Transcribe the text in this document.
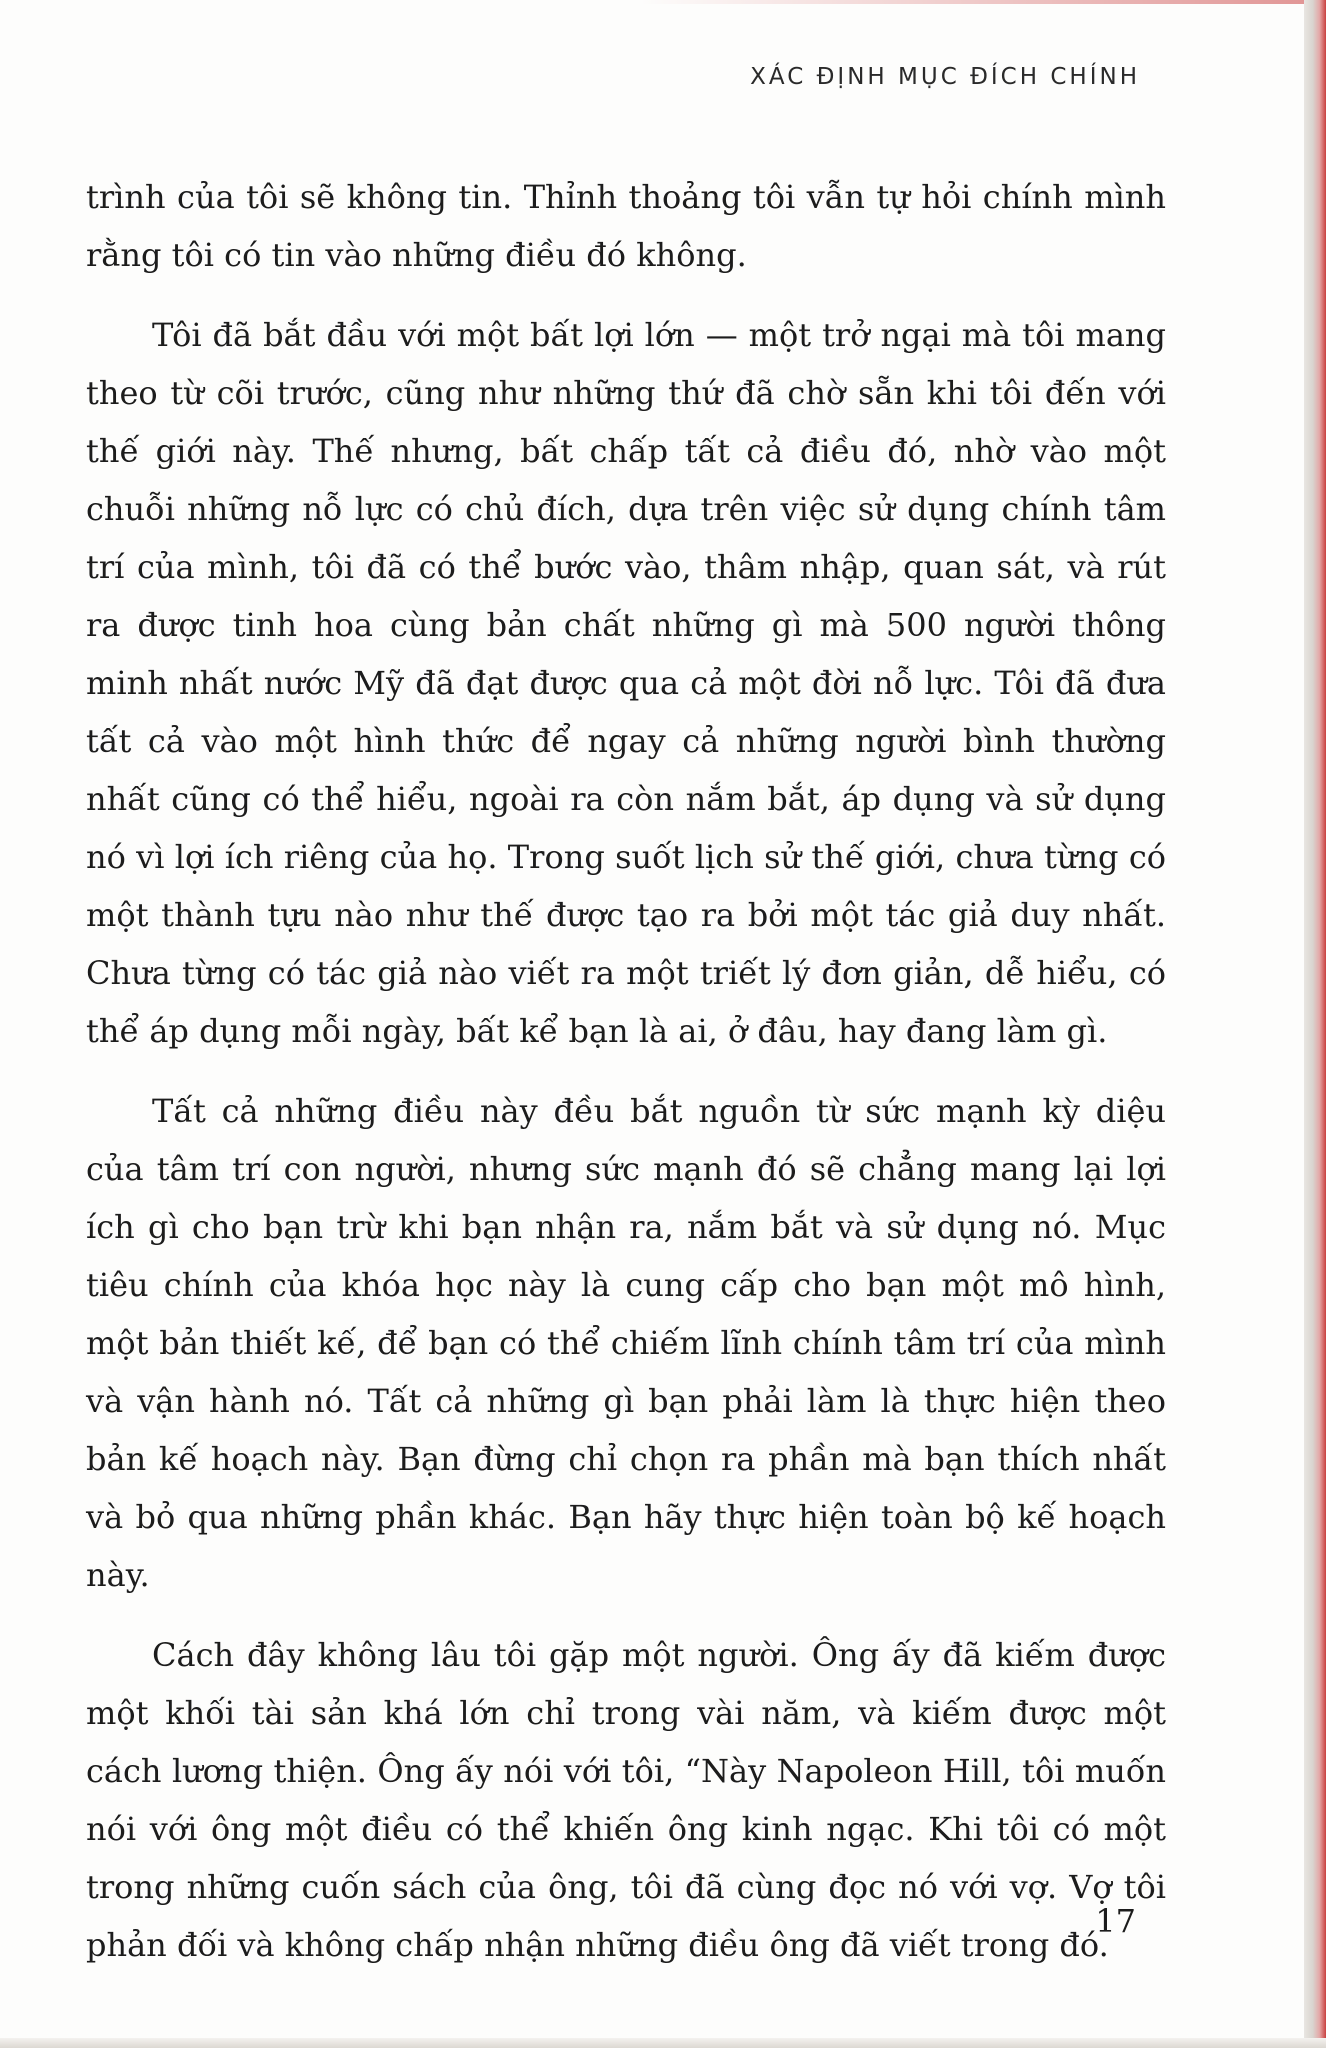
XÁC ĐỊNH MỤC ĐÍCH CHÍNH

trình của tôi sẽ không tin. Thỉnh thoảng tôi vẫn tự hỏi chính mình rằng tôi có tin vào những điều đó không.

Tôi đã bắt đầu với một bất lợi lớn — một trở ngại mà tôi mang theo từ cõi trước, cũng như những thứ đã chờ sẵn khi tôi đến với thế giới này. Thế nhưng, bất chấp tất cả điều đó, nhờ vào một chuỗi những nỗ lực có chủ đích, dựa trên việc sử dụng chính tâm trí của mình, tôi đã có thể bước vào, thâm nhập, quan sát, và rút ra được tinh hoa cùng bản chất những gì mà 500 người thông minh nhất nước Mỹ đã đạt được qua cả một đời nỗ lực. Tôi đã đưa tất cả vào một hình thức để ngay cả những người bình thường nhất cũng có thể hiểu, ngoài ra còn nắm bắt, áp dụng và sử dụng nó vì lợi ích riêng của họ. Trong suốt lịch sử thế giới, chưa từng có một thành tựu nào như thế được tạo ra bởi một tác giả duy nhất. Chưa từng có tác giả nào viết ra một triết lý đơn giản, dễ hiểu, có thể áp dụng mỗi ngày, bất kể bạn là ai, ở đâu, hay đang làm gì.

Tất cả những điều này đều bắt nguồn từ sức mạnh kỳ diệu của tâm trí con người, nhưng sức mạnh đó sẽ chẳng mang lại lợi ích gì cho bạn trừ khi bạn nhận ra, nắm bắt và sử dụng nó. Mục tiêu chính của khóa học này là cung cấp cho bạn một mô hình, một bản thiết kế, để bạn có thể chiếm lĩnh chính tâm trí của mình và vận hành nó. Tất cả những gì bạn phải làm là thực hiện theo bản kế hoạch này. Bạn đừng chỉ chọn ra phần mà bạn thích nhất và bỏ qua những phần khác. Bạn hãy thực hiện toàn bộ kế hoạch này.

Cách đây không lâu tôi gặp một người. Ông ấy đã kiếm được một khối tài sản khá lớn chỉ trong vài năm, và kiếm được một cách lương thiện. Ông ấy nói với tôi, “Này Napoleon Hill, tôi muốn nói với ông một điều có thể khiến ông kinh ngạc. Khi tôi có một trong những cuốn sách của ông, tôi đã cùng đọc nó với vợ. Vợ tôi phản đối và không chấp nhận những điều ông đã viết trong đó.

17
